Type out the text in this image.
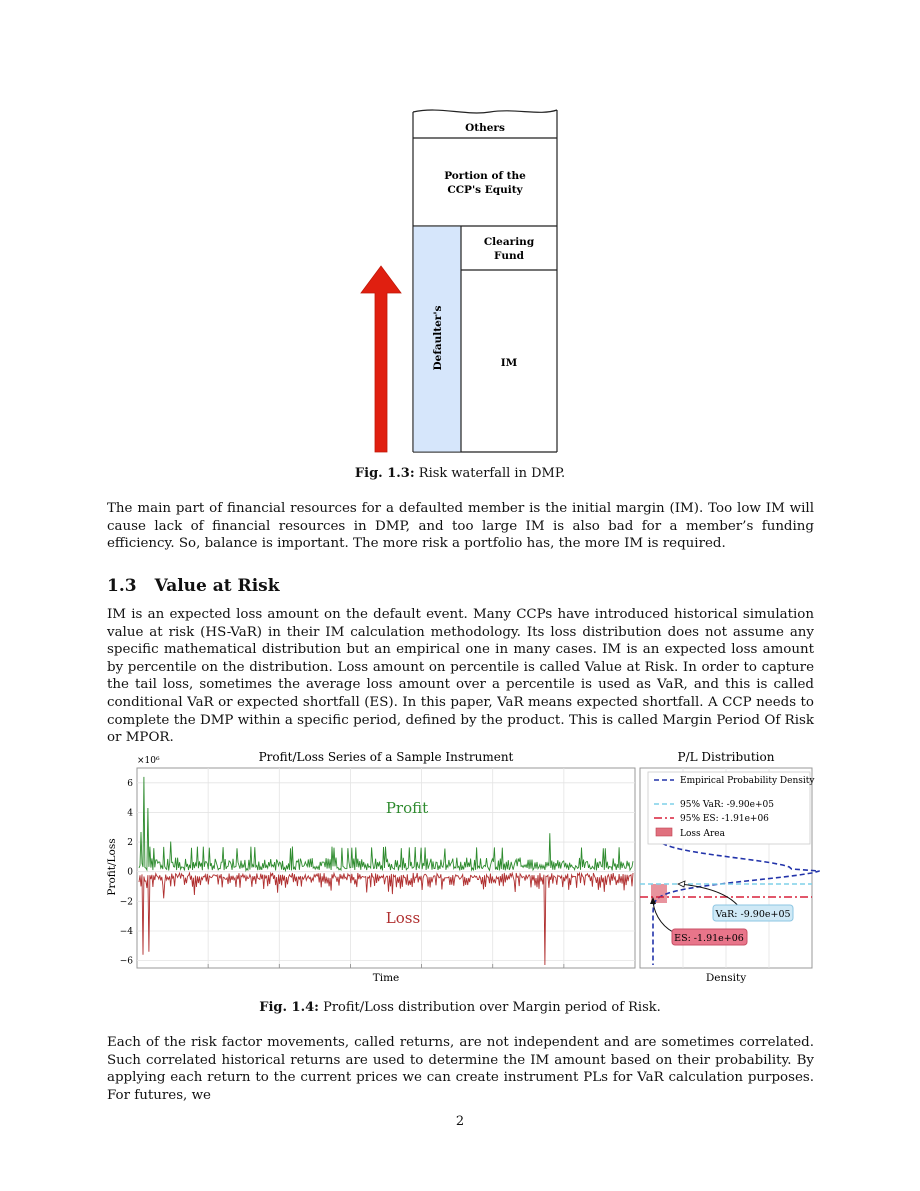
Others
Portion of the
CCP's Equity
Clearing
Fund
IM
Defaulter's
Fig. 1.3: Risk waterfall in DMP.
The main part of financial resources for a defaulted member is the initial margin (IM). Too low IM will cause lack of financial resources in DMP, and too large IM is also bad for a member’s funding efficiency. So, balance is important. The more risk a portfolio has, the more IM is required.
1.3 Value at Risk
IM is an expected loss amount on the default event. Many CCPs have introduced historical simulation value at risk (HS-VaR) in their IM calculation methodology. Its loss distribution does not assume any specific mathematical distribution but an empirical one in many cases. IM is an expected loss amount by percentile on the distribution. Loss amount on percentile is called Value at Risk. In order to capture the tail loss, sometimes the average loss amount over a percentile is used as VaR, and this is called conditional VaR or expected shortfall (ES). In this paper, VaR means expected shortfall. A CCP needs to complete the DMP within a specific period, defined by the product. This is called Margin Period Of Risk or MPOR.
6
4
2
0
−2
−4
−6
Profit/Loss Series of a Sample Instrument
×10⁶
Time
Profit/Loss
Profit
Loss
P/L Distribution
Density
Empirical Probability Density
95% VaR: -9.90e+05
95% ES: -1.91e+06
Loss Area
VaR: -9.90e+05
ES: -1.91e+06
Fig. 1.4: Profit/Loss distribution over Margin period of Risk.
Each of the risk factor movements, called returns, are not independent and are sometimes correlated. Such correlated historical returns are used to determine the IM amount based on their probability. By applying each return to the current prices we can create instrument PLs for VaR calculation purposes. For futures, we
2
